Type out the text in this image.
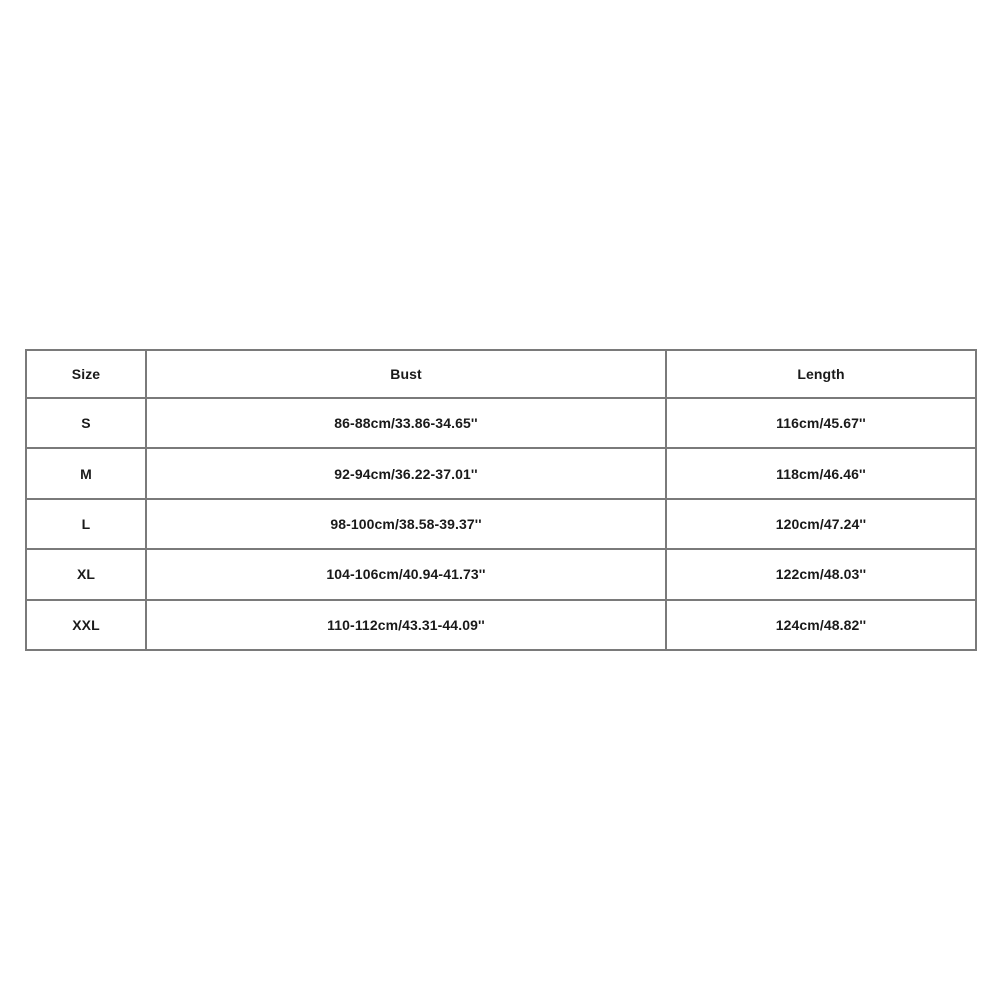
Size	Bust	Length
S	86-88cm/33.86-34.65''	116cm/45.67''
M	92-94cm/36.22-37.01''	118cm/46.46''
L	98-100cm/38.58-39.37''	120cm/47.24''
XL	104-106cm/40.94-41.73''	122cm/48.03''
XXL	110-112cm/43.31-44.09''	124cm/48.82''
